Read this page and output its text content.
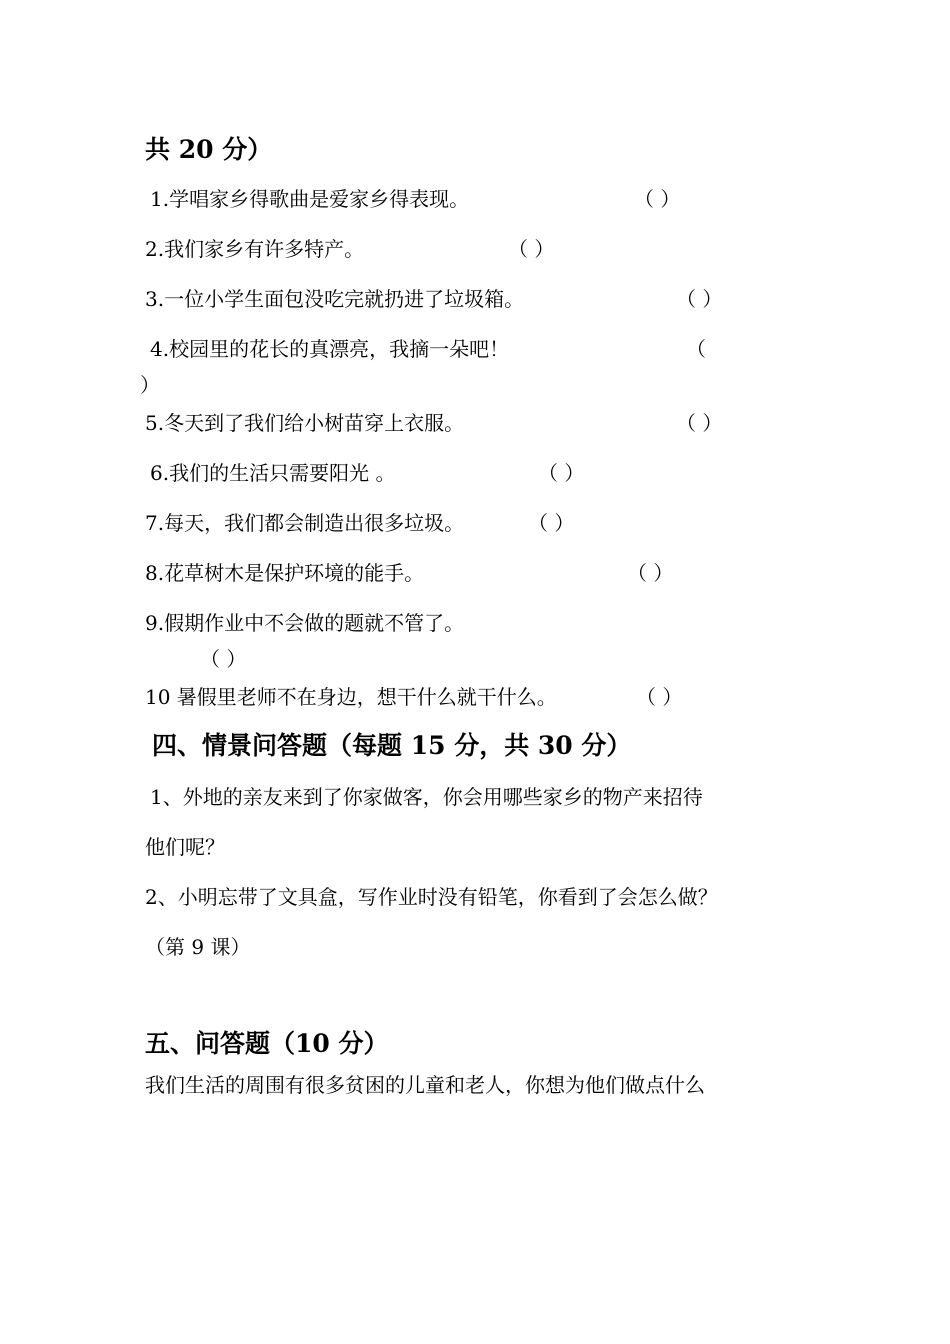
共 20 分）
1.学唱家乡得歌曲是爱家乡得表现。	（ ）
2.我们家乡有许多特产。	（ ）
3.一位小学生面包没吃完就扔进了垃圾箱。	（ ）
4.校园里的花长的真漂亮，我摘一朵吧！	（
）
5.冬天到了我们给小树苗穿上衣服。	（ ）
6.我们的生活只需要阳光 。	（ ）
7.每天，我们都会制造出很多垃圾。	（ ）
8.花草树木是保护环境的能手。	（ ）
9.假期作业中不会做的题就不管了。
（ ）
10 暑假里老师不在身边，想干什么就干什么。	（ ）
四、情景问答题（每题 15 分，共 30 分）
1、外地的亲友来到了你家做客，你会用哪些家乡的物产来招待
他们呢？
2、小明忘带了文具盒，写作业时没有铅笔，你看到了会怎么做？
（第 9 课）
五、问答题（10 分）
我们生活的周围有很多贫困的儿童和老人，你想为他们做点什么
